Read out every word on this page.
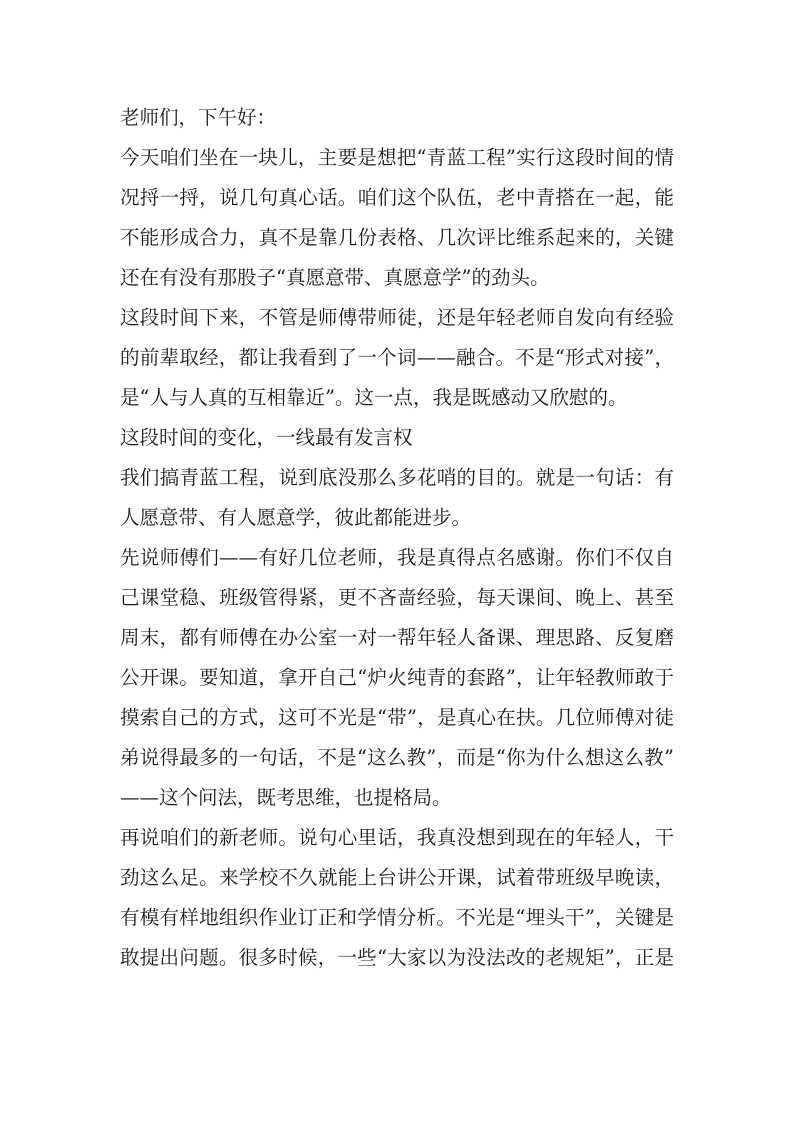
老师们，下午好：
今天咱们坐在一块儿，主要是想把“青蓝工程”实行这段时间的情
况捋一捋，说几句真心话。咱们这个队伍，老中青搭在一起，能
不能形成合力，真不是靠几份表格、几次评比维系起来的，关键
还在有没有那股子“真愿意带、真愿意学”的劲头。
这段时间下来，不管是师傅带师徒，还是年轻老师自发向有经验
的前辈取经，都让我看到了一个词——融合。不是“形式对接”，
是“人与人真的互相靠近”。这一点，我是既感动又欣慰的。
这段时间的变化，一线最有发言权
我们搞青蓝工程，说到底没那么多花哨的目的。就是一句话：有
人愿意带、有人愿意学，彼此都能进步。
先说师傅们——有好几位老师，我是真得点名感谢。你们不仅自
己课堂稳、班级管得紧，更不吝啬经验，每天课间、晚上、甚至
周末，都有师傅在办公室一对一帮年轻人备课、理思路、反复磨
公开课。要知道，拿开自己“炉火纯青的套路”，让年轻教师敢于
摸索自己的方式，这可不光是“带”，是真心在扶。几位师傅对徒
弟说得最多的一句话，不是“这么教”，而是“你为什么想这么教”
——这个问法，既考思维，也提格局。
再说咱们的新老师。说句心里话，我真没想到现在的年轻人，干
劲这么足。来学校不久就能上台讲公开课，试着带班级早晚读，
有模有样地组织作业订正和学情分析。不光是“埋头干”，关键是
敢提出问题。很多时候，一些“大家以为没法改的老规矩”，正是
